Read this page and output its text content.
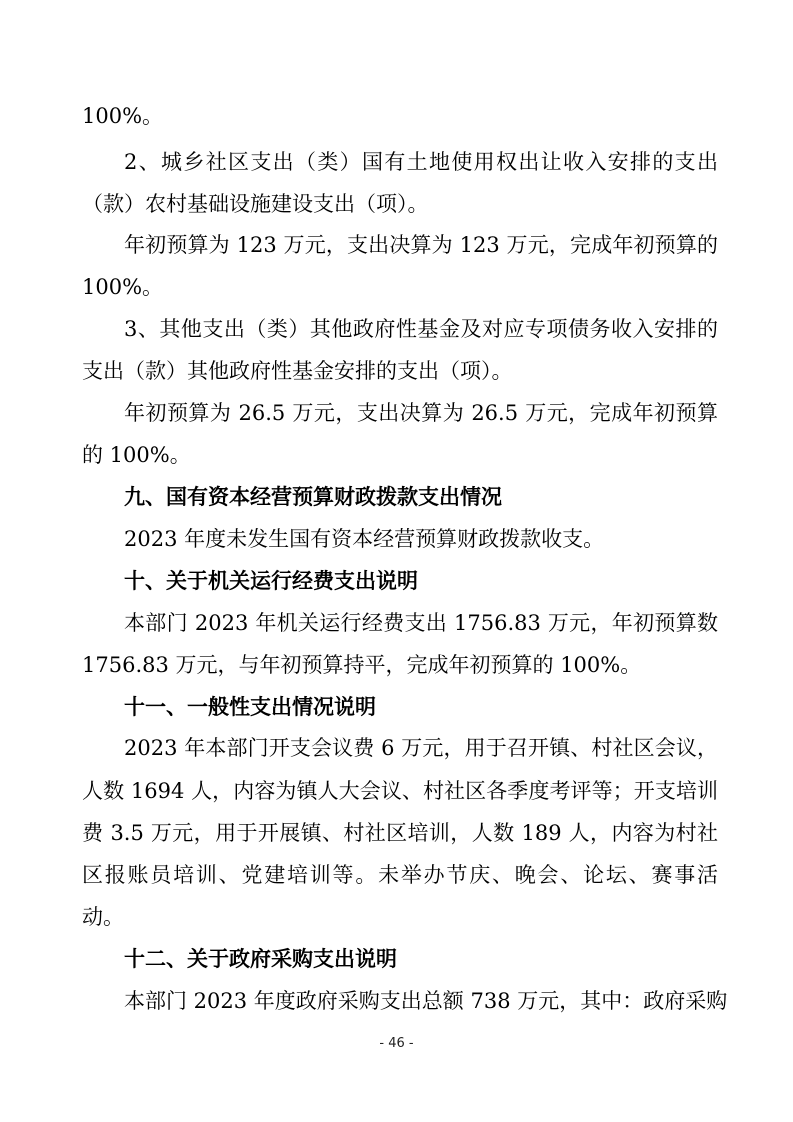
100%。
2、城乡社区支出（类）国有土地使用权出让收入安排的支出
（款）农村基础设施建设支出（项）。
年初预算为 123 万元，支出决算为 123 万元，完成年初预算的
100%。
3、其他支出（类）其他政府性基金及对应专项债务收入安排的
支出（款）其他政府性基金安排的支出（项）。
年初预算为 26.5 万元，支出决算为 26.5 万元，完成年初预算
的 100%。
九、国有资本经营预算财政拨款支出情况
2023 年度未发生国有资本经营预算财政拨款收支。
十、关于机关运行经费支出说明
本部门 2023 年机关运行经费支出 1756.83 万元，年初预算数
1756.83 万元，与年初预算持平，完成年初预算的 100%。
十一、一般性支出情况说明
2023 年本部门开支会议费 6 万元，用于召开镇、村社区会议，
人数 1694 人，内容为镇人大会议、村社区各季度考评等；开支培训
费 3.5 万元，用于开展镇、村社区培训，人数 189 人，内容为村社
区报账员培训、党建培训等。未举办节庆、晚会、论坛、赛事活
动。
十二、关于政府采购支出说明
本部门 2023 年度政府采购支出总额 738 万元，其中：政府采购
- 46 -
